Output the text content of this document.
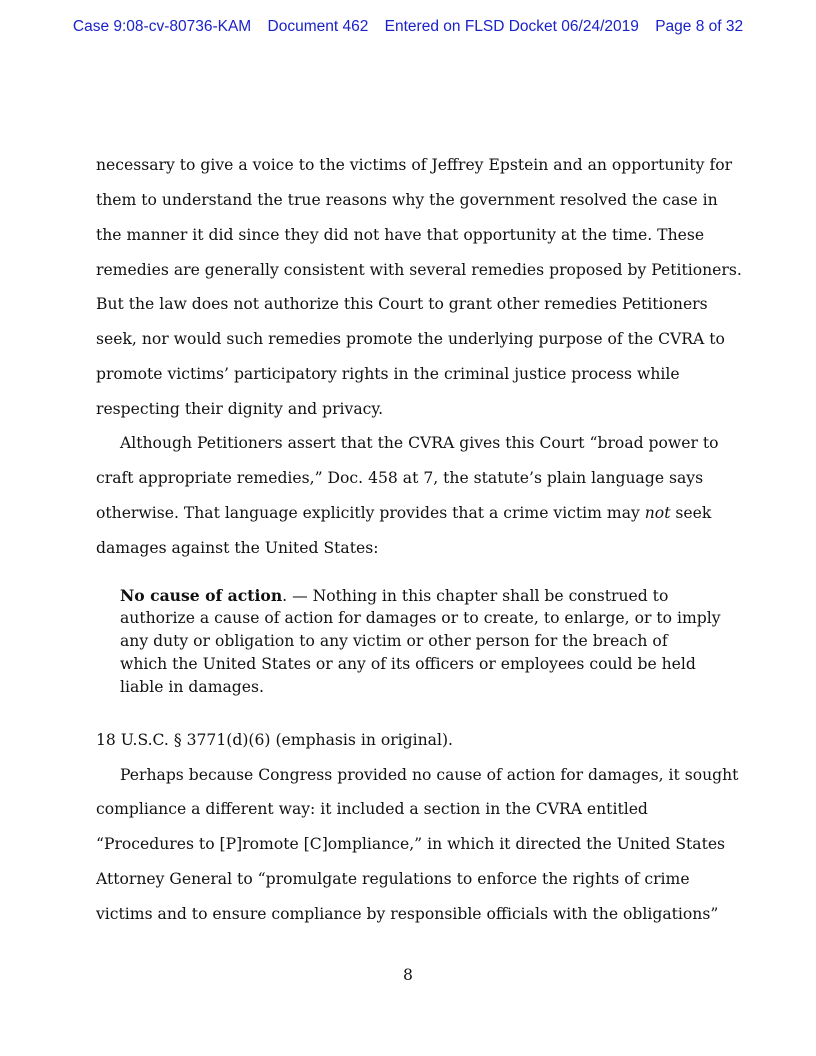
Case 9:08-cv-80736-KAM Document 462 Entered on FLSD Docket 06/24/2019 Page 8 of 32
necessary to give a voice to the victims of Jeffrey Epstein and an opportunity for
them to understand the true reasons why the government resolved the case in
the manner it did since they did not have that opportunity at the time. These
remedies are generally consistent with several remedies proposed by Petitioners.
But the law does not authorize this Court to grant other remedies Petitioners
seek, nor would such remedies promote the underlying purpose of the CVRA to
promote victims’ participatory rights in the criminal justice process while
respecting their dignity and privacy.
Although Petitioners assert that the CVRA gives this Court “broad power to
craft appropriate remedies,” Doc. 458 at 7, the statute’s plain language says
otherwise. That language explicitly provides that a crime victim may not seek
damages against the United States:
18 U.S.C. § 3771(d)(6) (emphasis in original).
Perhaps because Congress provided no cause of action for damages, it sought
compliance a different way: it included a section in the CVRA entitled
“Procedures to [P]romote [C]ompliance,” in which it directed the United States
Attorney General to “promulgate regulations to enforce the rights of crime
victims and to ensure compliance by responsible officials with the obligations”
No cause of action. — Nothing in this chapter shall be construed to
authorize a cause of action for damages or to create, to enlarge, or to imply
any duty or obligation to any victim or other person for the breach of
which the United States or any of its officers or employees could be held
liable in damages.
8
